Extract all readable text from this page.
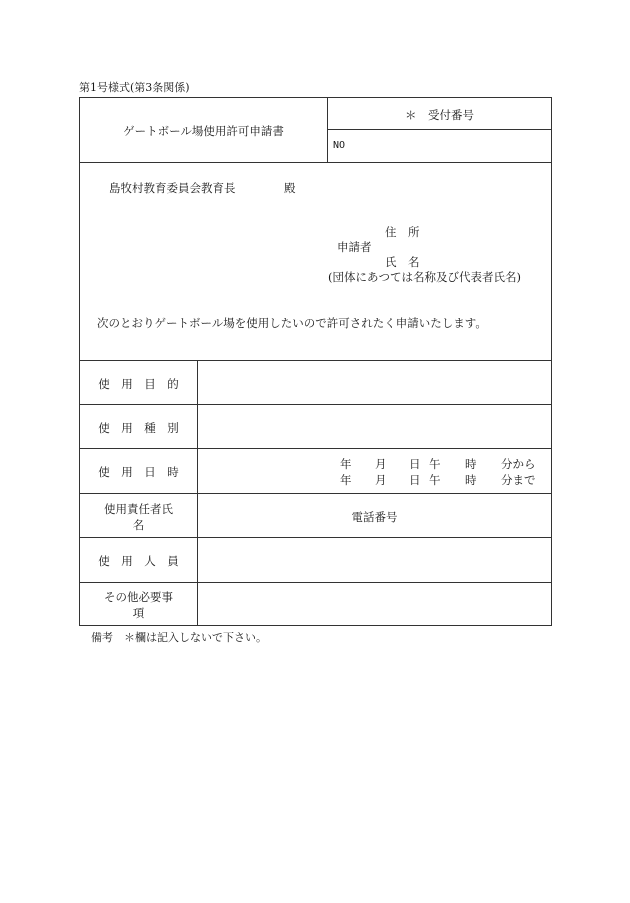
第1号様式(第3条関係)
ゲートボール場使用許可申請書
＊　受付番号
NO
島牧村教育委員会教育長	殿
住　所
申請者
氏　名
(団体にあつては名称及び代表者氏名)
次のとおりゲートボール場を使用したいので許可されたく申請いたします。
使　用　目　的
使　用　種　別
使　用　日　時
年 月 日 午 時 分から
年 月 日 午 時 分まで
使用責任者氏
名
電話番号
使　用　人　員
その他必要事
項
備考　＊欄は記入しないで下さい。
